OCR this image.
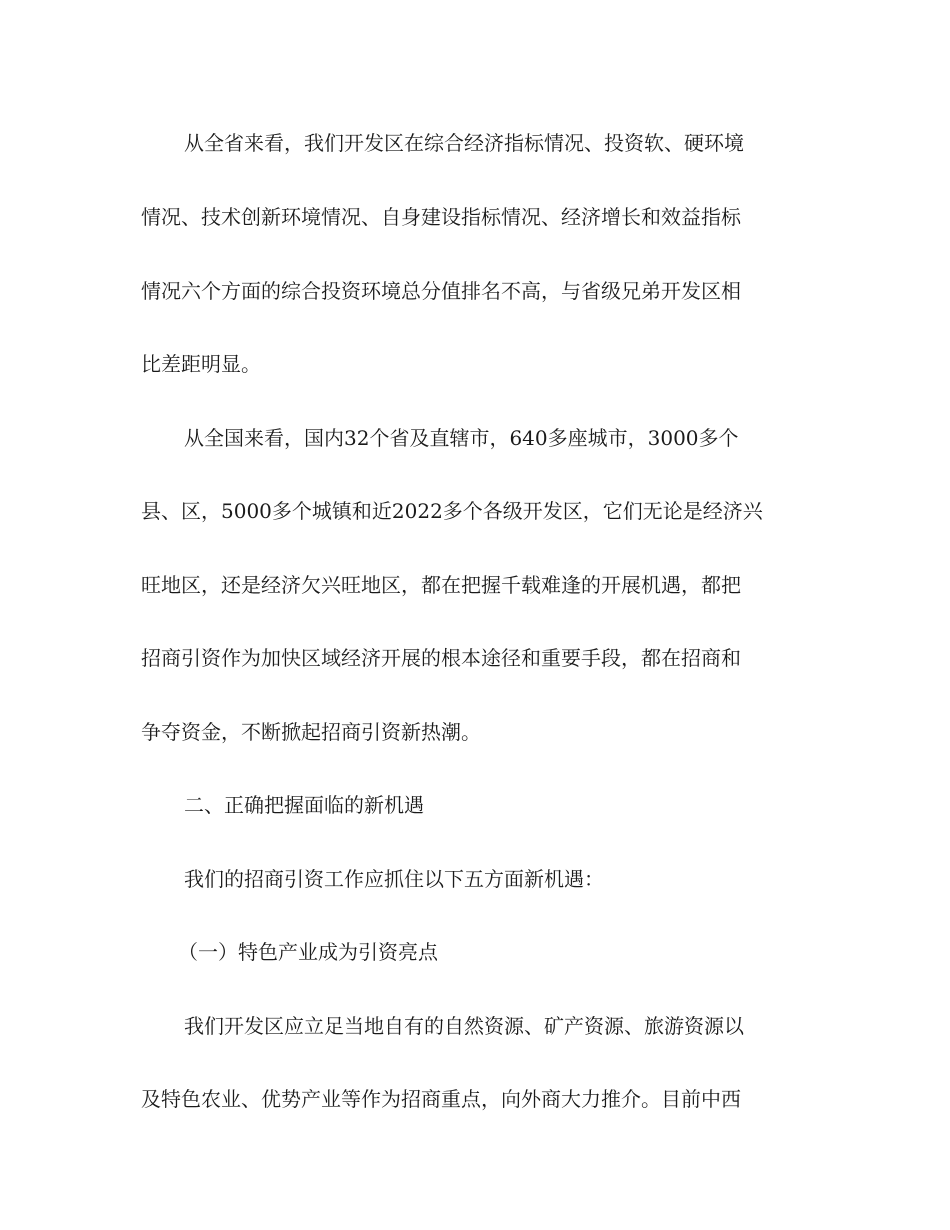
从全省来看，我们开发区在综合经济指标情况、投资软、硬环境
情况、技术创新环境情况、自身建设指标情况、经济增长和效益指标
情况六个方面的综合投资环境总分值排名不高，与省级兄弟开发区相
比差距明显。
从全国来看，国内32个省及直辖市，640多座城市，3000多个
县、区，5000多个城镇和近2022多个各级开发区，它们无论是经济兴
旺地区，还是经济欠兴旺地区，都在把握千载难逢的开展机遇，都把
招商引资作为加快区域经济开展的根本途径和重要手段，都在招商和
争夺资金，不断掀起招商引资新热潮。
二、正确把握面临的新机遇
我们的招商引资工作应抓住以下五方面新机遇：
（一）特色产业成为引资亮点
我们开发区应立足当地自有的自然资源、矿产资源、旅游资源以
及特色农业、优势产业等作为招商重点，向外商大力推介。目前中西
